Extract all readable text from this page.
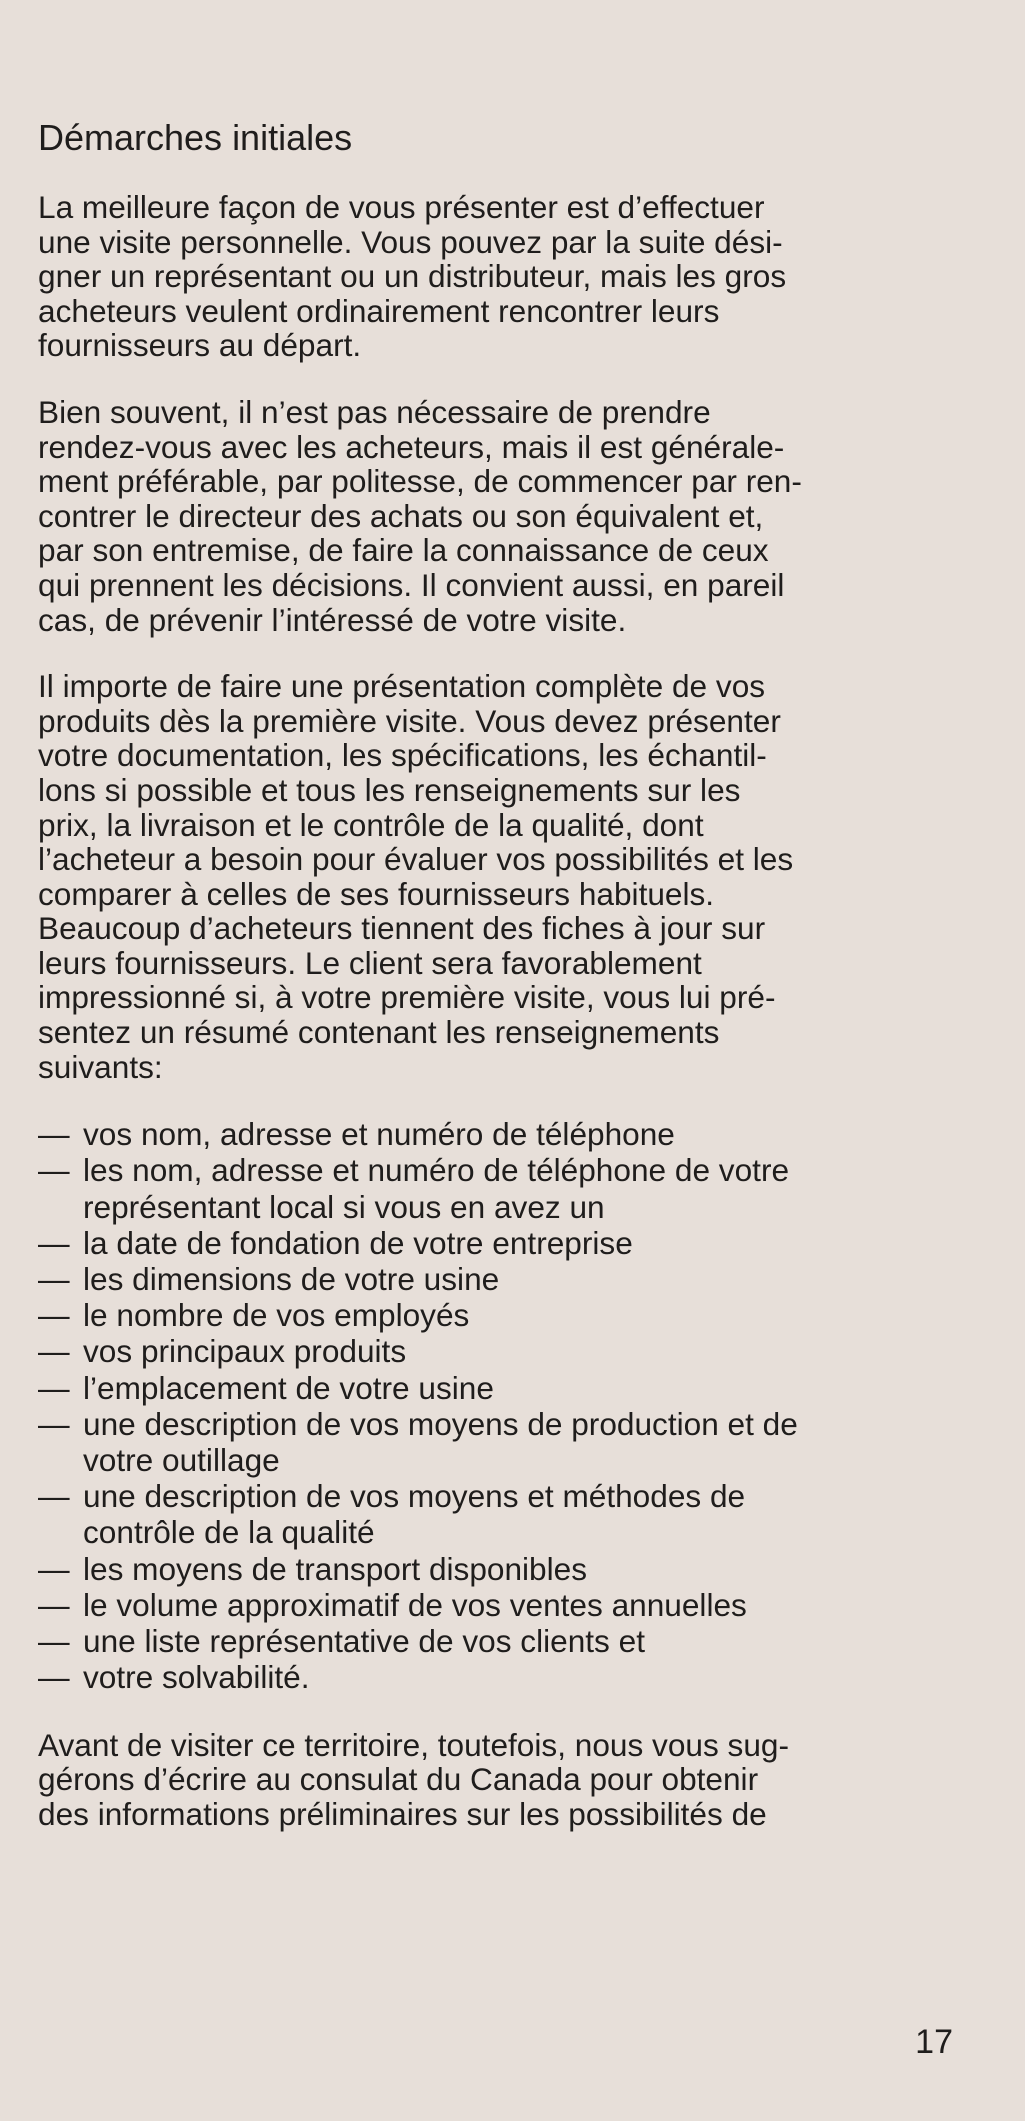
Démarches initiales

La meilleure façon de vous présenter est d’effectuer
une visite personnelle. Vous pouvez par la suite dési-
gner un représentant ou un distributeur, mais les gros
acheteurs veulent ordinairement rencontrer leurs
fournisseurs au départ.

Bien souvent, il n’est pas nécessaire de prendre
rendez-vous avec les acheteurs, mais il est générale-
ment préférable, par politesse, de commencer par ren-
contrer le directeur des achats ou son équivalent et,
par son entremise, de faire la connaissance de ceux
qui prennent les décisions. Il convient aussi, en pareil
cas, de prévenir l’intéressé de votre visite.

Il importe de faire une présentation complète de vos
produits dès la première visite. Vous devez présenter
votre documentation, les spécifications, les échantil-
lons si possible et tous les renseignements sur les
prix, la livraison et le contrôle de la qualité, dont
l’acheteur a besoin pour évaluer vos possibilités et les
comparer à celles de ses fournisseurs habituels.
Beaucoup d’acheteurs tiennent des fiches à jour sur
leurs fournisseurs. Le client sera favorablement
impressionné si, à votre première visite, vous lui pré-
sentez un résumé contenant les renseignements
suivants:

— vos nom, adresse et numéro de téléphone
— les nom, adresse et numéro de téléphone de votre
représentant local si vous en avez un
— la date de fondation de votre entreprise
— les dimensions de votre usine
— le nombre de vos employés
— vos principaux produits
— l’emplacement de votre usine
— une description de vos moyens de production et de
votre outillage
— une description de vos moyens et méthodes de
contrôle de la qualité
— les moyens de transport disponibles
— le volume approximatif de vos ventes annuelles
— une liste représentative de vos clients et
— votre solvabilité.

Avant de visiter ce territoire, toutefois, nous vous sug-
gérons d’écrire au consulat du Canada pour obtenir
des informations préliminaires sur les possibilités de

17
